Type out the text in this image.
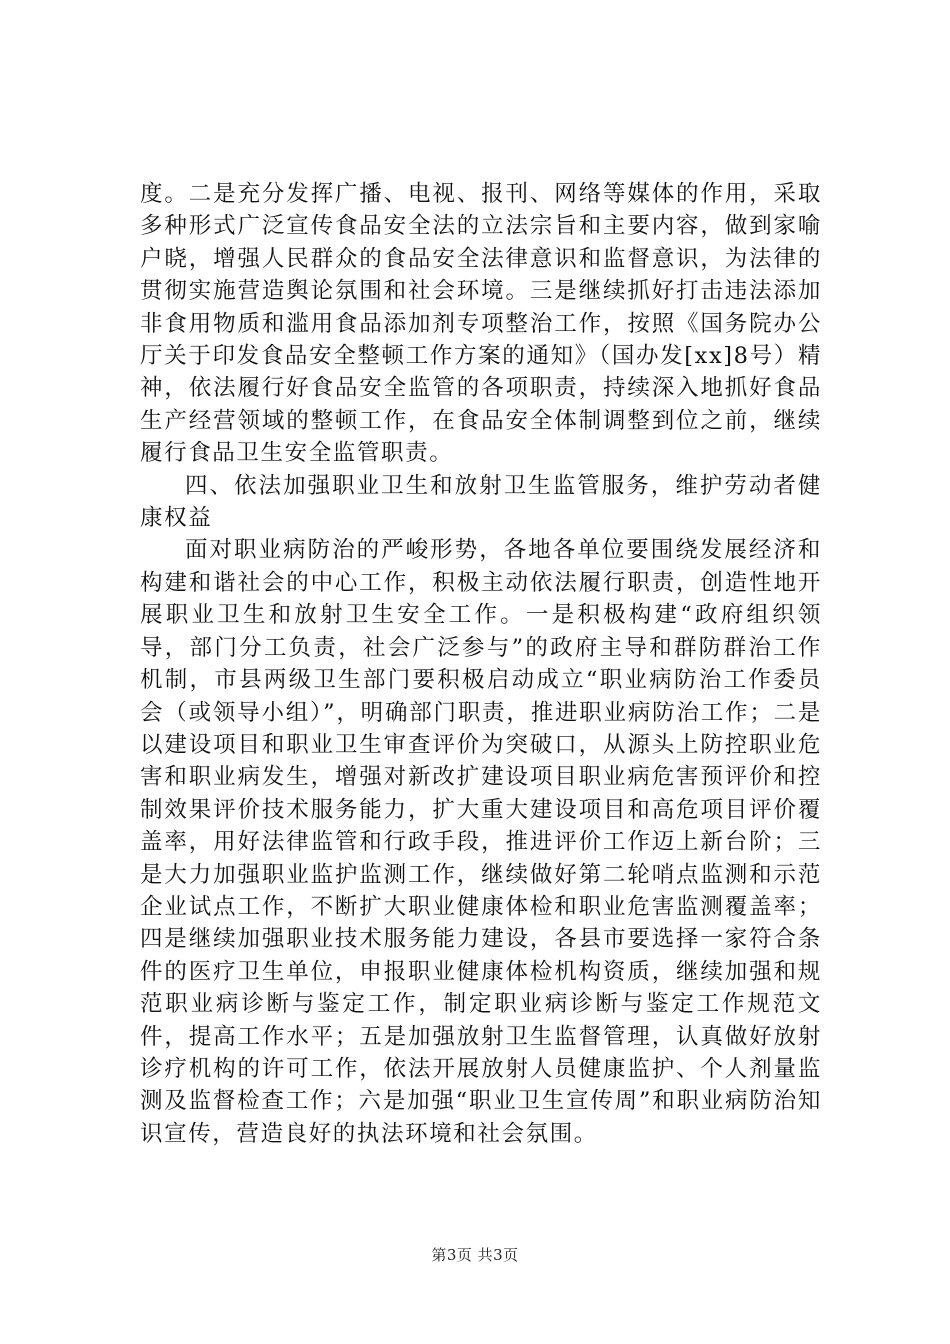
度。二是充分发挥广播、电视、报刊、网络等媒体的作用，采取多种形式广泛宣传食品安全法的立法宗旨和主要内容，做到家喻户晓，增强人民群众的食品安全法律意识和监督意识，为法律的贯彻实施营造舆论氛围和社会环境。三是继续抓好打击违法添加非食用物质和滥用食品添加剂专项整治工作，按照《国务院办公厅关于印发食品安全整顿工作方案的通知》（国办发[xx]8号）精神，依法履行好食品安全监管的各项职责，持续深入地抓好食品生产经营领域的整顿工作，在食品安全体制调整到位之前，继续履行食品卫生安全监管职责。

四、依法加强职业卫生和放射卫生监管服务，维护劳动者健康权益

面对职业病防治的严峻形势，各地各单位要围绕发展经济和构建和谐社会的中心工作，积极主动依法履行职责，创造性地开展职业卫生和放射卫生安全工作。一是积极构建“政府组织领导，部门分工负责，社会广泛参与”的政府主导和群防群治工作机制，市县两级卫生部门要积极启动成立“职业病防治工作委员会（或领导小组）”，明确部门职责，推进职业病防治工作；二是以建设项目和职业卫生审查评价为突破口，从源头上防控职业危害和职业病发生，增强对新改扩建设项目职业病危害预评价和控制效果评价技术服务能力，扩大重大建设项目和高危项目评价覆盖率，用好法律监管和行政手段，推进评价工作迈上新台阶；三是大力加强职业监护监测工作，继续做好第二轮哨点监测和示范企业试点工作，不断扩大职业健康体检和职业危害监测覆盖率；四是继续加强职业技术服务能力建设，各县市要选择一家符合条件的医疗卫生单位，申报职业健康体检机构资质，继续加强和规范职业病诊断与鉴定工作，制定职业病诊断与鉴定工作规范文件，提高工作水平；五是加强放射卫生监督管理，认真做好放射诊疗机构的许可工作，依法开展放射人员健康监护、个人剂量监测及监督检查工作；六是加强“职业卫生宣传周”和职业病防治知识宣传，营造良好的执法环境和社会氛围。

第3页 共3页
